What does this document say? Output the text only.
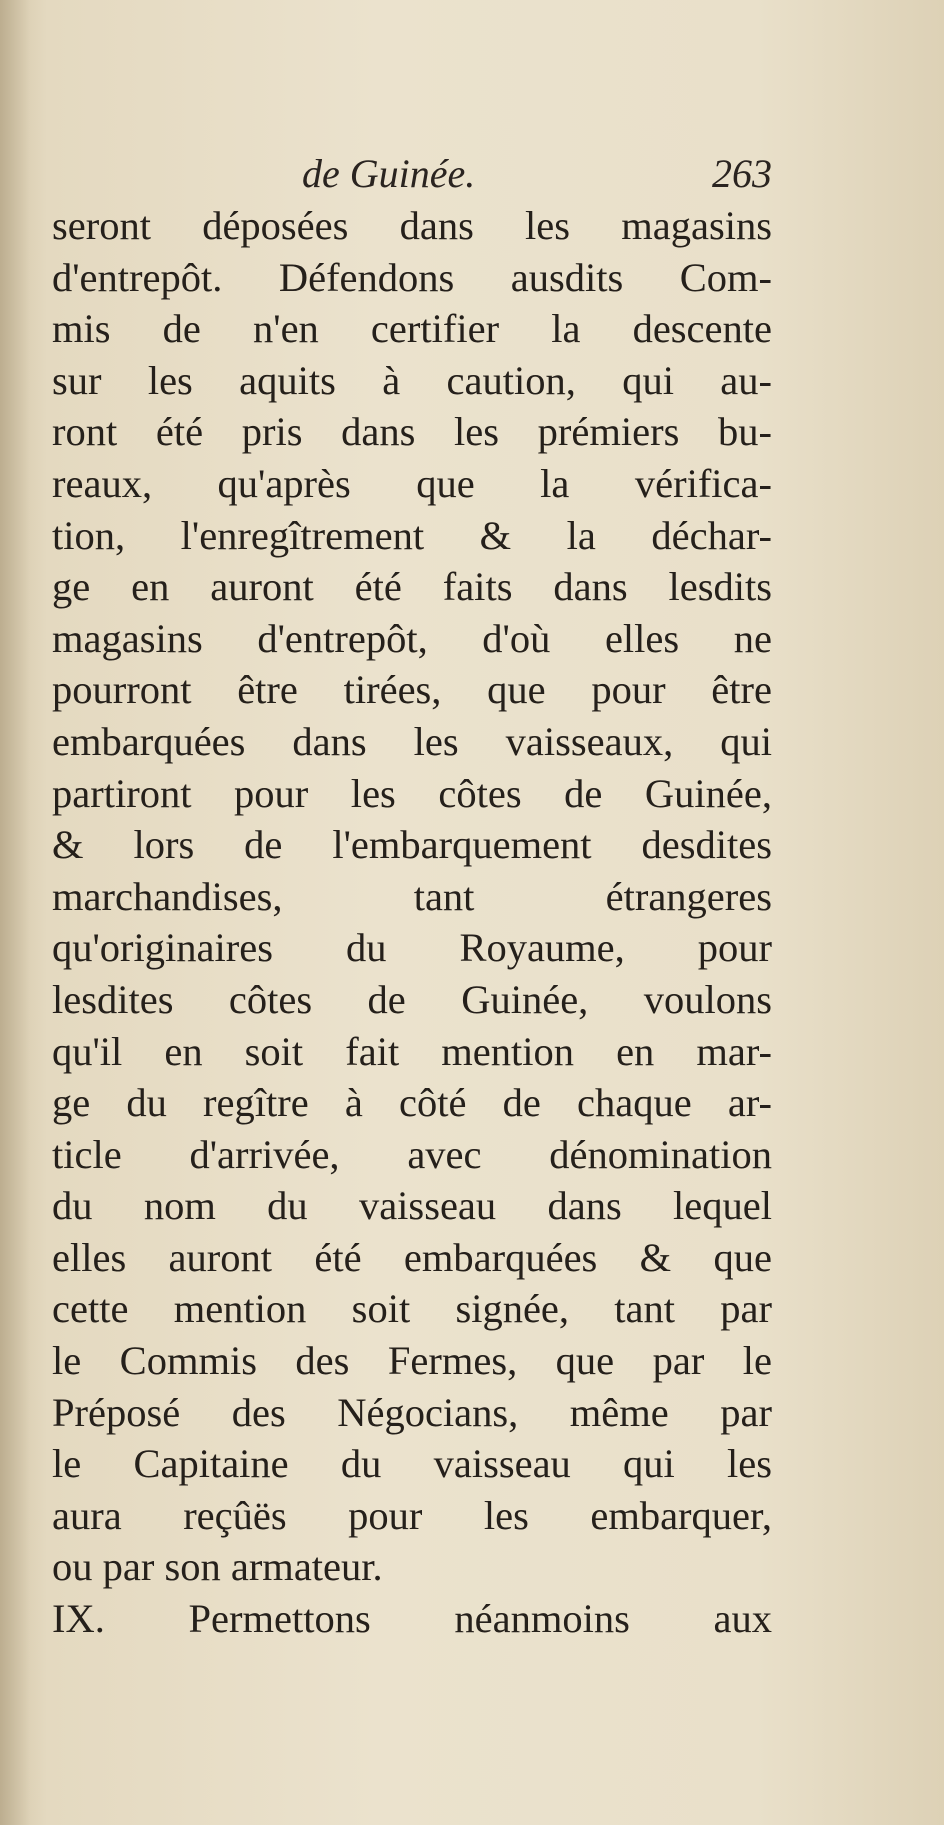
de Guinée.	263
seront déposées dans les magasins
d'entrepôt. Défendons ausdits Com-
mis de n'en certifier la descente
sur les aquits à caution, qui au-
ront été pris dans les prémiers bu-
reaux, qu'après que la vérifica-
tion, l'enregîtrement & la déchar-
ge en auront été faits dans lesdits
magasins d'entrepôt, d'où elles ne
pourront être tirées, que pour être
embarquées dans les vaisseaux, qui
partiront pour les côtes de Guinée,
& lors de l'embarquement desdites
marchandises, tant étrangeres
qu'originaires du Royaume, pour
lesdites côtes de Guinée, voulons
qu'il en soit fait mention en mar-
ge du regître à côté de chaque ar-
ticle d'arrivée, avec dénomination
du nom du vaisseau dans lequel
elles auront été embarquées & que
cette mention soit signée, tant par
le Commis des Fermes, que par le
Préposé des Négocians, même par
le Capitaine du vaisseau qui les
aura reçûës pour les embarquer,
ou par son armateur.
IX. Permettons néanmoins aux
